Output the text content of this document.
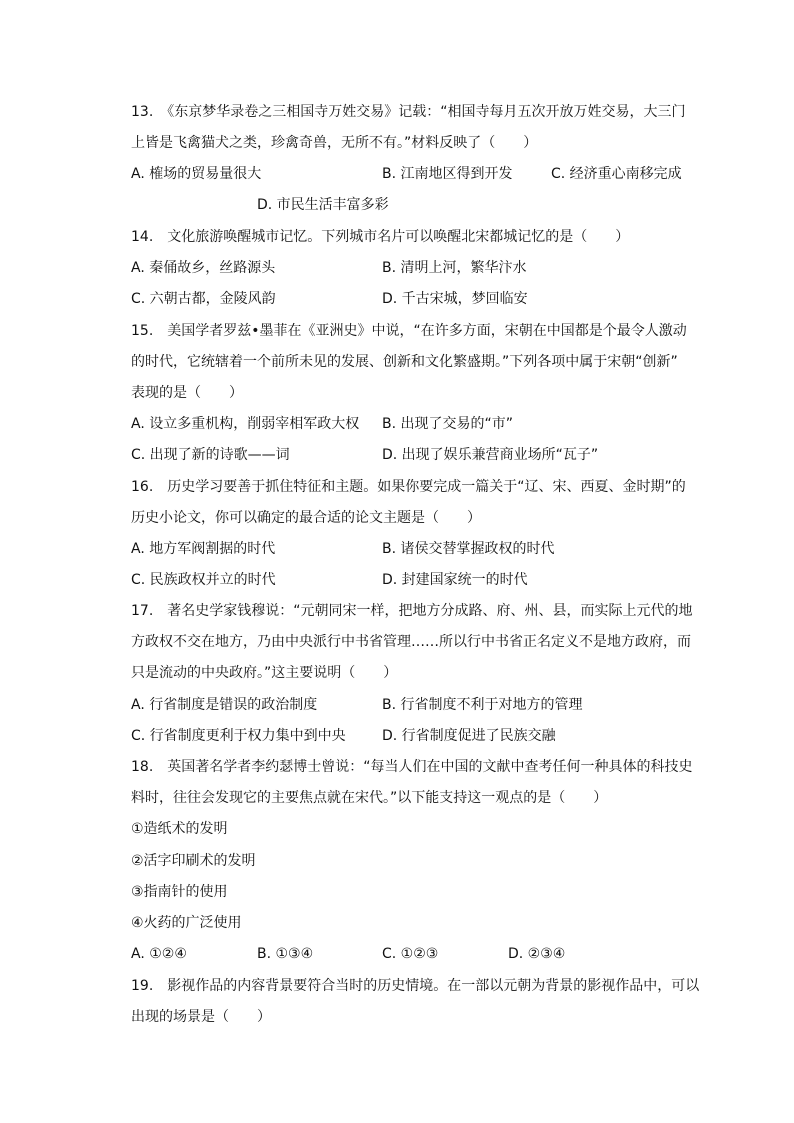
13.　《东京梦华录卷之三相国寺万姓交易》记载：“相国寺每月五次开放万姓交易，大三门
上皆是飞禽猫犬之类，珍禽奇兽，无所不有。”材料反映了（　　）
A. 榷场的贸易量很大	B. 江南地区得到开发	C. 经济重心南移完成
D. 市民生活丰富多彩
14.　文化旅游唤醒城市记忆。下列城市名片可以唤醒北宋都城记忆的是（　　）
A. 秦俑故乡，丝路源头	B. 清明上河，繁华汴水
C. 六朝古都，金陵风韵	D. 千古宋城，梦回临安
15.　美国学者罗兹•墨菲在《亚洲史》中说，“在许多方面，宋朝在中国都是个最令人激动
的时代，它统辖着一个前所未见的发展、创新和文化繁盛期。”下列各项中属于宋朝“创新”
表现的是（　　）
A. 设立多重机构，削弱宰相军政大权 B. 出现了交易的“市”
C. 出现了新的诗歌——词	D. 出现了娱乐兼营商业场所“瓦子”
16.　历史学习要善于抓住特征和主题。如果你要完成一篇关于“辽、宋、西夏、金时期”的
历史小论文，你可以确定的最合适的论文主题是（　　）
A. 地方军阀割据的时代	B. 诸侯交替掌握政权的时代
C. 民族政权并立的时代	D. 封建国家统一的时代
17.　著名史学家钱穆说：“元朝同宋一样，把地方分成路、府、州、县，而实际上元代的地
方政权不交在地方，乃由中央派行中书省管理……所以行中书省正名定义不是地方政府，而
只是流动的中央政府。”这主要说明（　　）
A. 行省制度是错误的政治制度	B. 行省制度不利于对地方的管理
C. 行省制度更利于权力集中到中央	D. 行省制度促进了民族交融
18.　英国著名学者李约瑟博士曾说：“每当人们在中国的文献中查考任何一种具体的科技史
料时，往往会发现它的主要焦点就在宋代。”以下能支持这一观点的是（　　）
①造纸术的发明
②活字印刷术的发明
③指南针的使用
④火药的广泛使用
A. ①②④	B. ①③④	C. ①②③	D. ②③④
19.　影视作品的内容背景要符合当时的历史情境。在一部以元朝为背景的影视作品中，可以
出现的场景是（　　）
